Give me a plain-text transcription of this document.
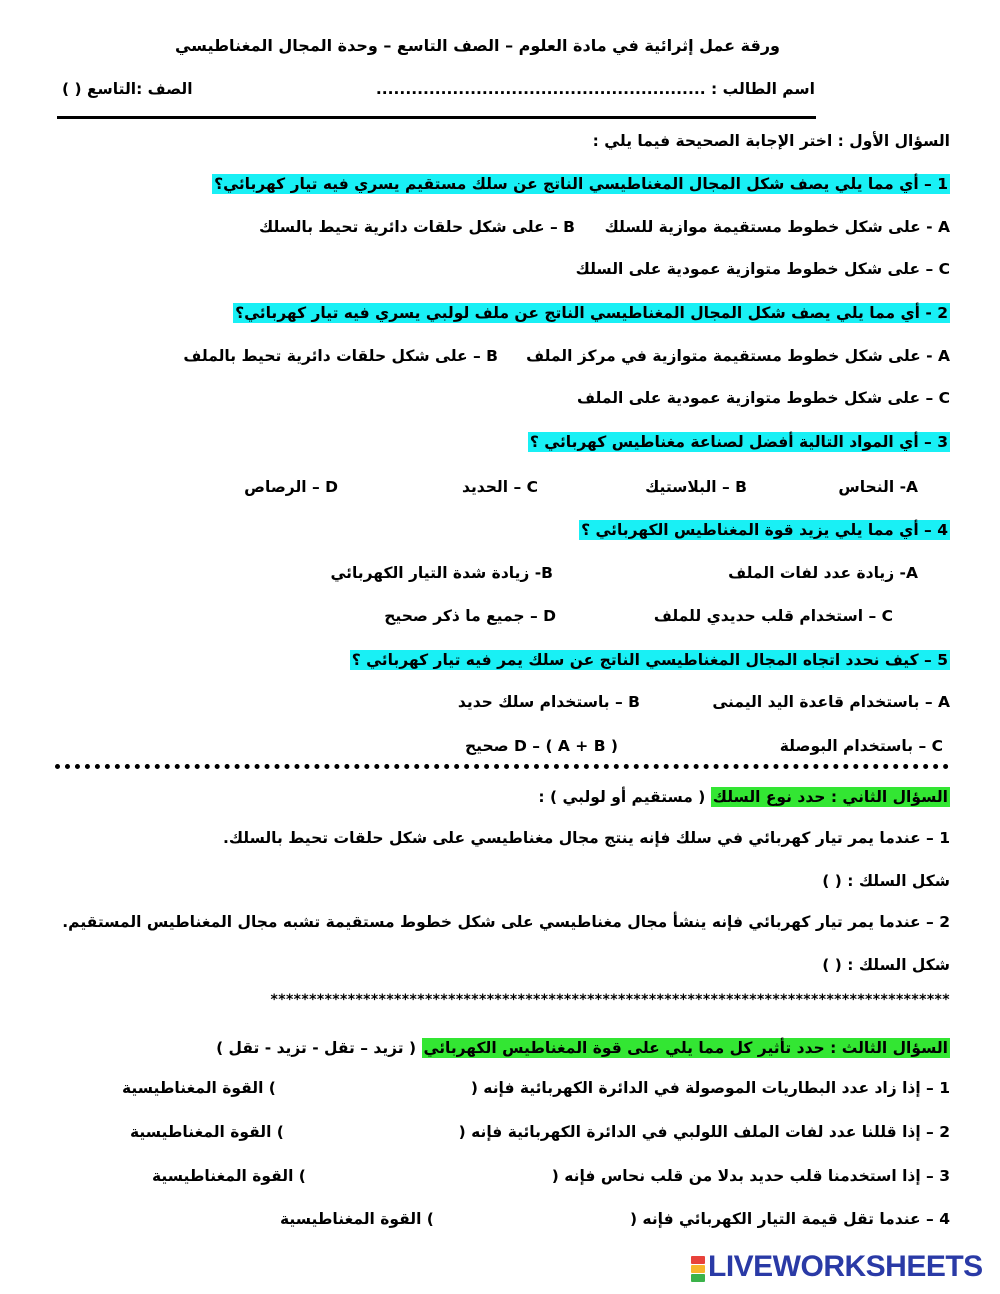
ورقة عمل إثرائية في مادة العلوم – الصف التاسع – وحدة المجال المغناطيسي
اسم الطالب : ........................................................
الصف :التاسع ( )
السؤال الأول : اختر الإجابة الصحيحة فيما يلي :
1 – أي مما يلي يصف شكل المجال المغناطيسي الناتج عن سلك مستقيم يسري فيه تيار كهربائي؟
A - على شكل خطوط مستقيمة موازية للسلك
B – على شكل حلقات دائرية تحيط بالسلك
C – على شكل خطوط متوازية عمودية على السلك
2 - أي مما يلي يصف شكل المجال المغناطيسي الناتج عن ملف لولبي يسري فيه تيار كهربائي؟
A - على شكل خطوط مستقيمة متوازية في مركز الملف
B – على شكل حلقات دائرية تحيط بالملف
C – على شكل خطوط متوازية عمودية على الملف
3 – أي المواد التالية أفضل لصناعة مغناطيس كهربائي ؟
A- النحاس
B – البلاستيك
C – الحديد
D – الرصاص
4 – أي مما يلي يزيد قوة المغناطيس الكهربائي ؟
A- زيادة عدد لفات الملف
B- زيادة شدة التيار الكهربائي
C – استخدام قلب حديدي للملف
D – جميع ما ذكر صحيح
5 – كيف نحدد اتجاه المجال المغناطيسي الناتج عن سلك يمر فيه تيار كهربائي ؟
A – باستخدام قاعدة اليد اليمنى
B – باستخدام سلك حديد
C – باستخدام البوصلة
D – ( A + B ) صحيح
السؤال الثاني : حدد نوع السلك ( مستقيم أو لولبي ) :
1 – عندما يمر تيار كهربائي في سلك فإنه ينتج مجال مغناطيسي على شكل حلقات تحيط بالسلك.
شكل السلك : ( )
2 – عندما يمر تيار كهربائي فإنه ينشأ مجال مغناطيسي على شكل خطوط مستقيمة تشبه مجال المغناطيس المستقيم.
شكل السلك : ( )
****************************************************************************************
السؤال الثالث : حدد تأثير كل مما يلي على قوة المغناطيس الكهربائي ( تزيد – تقل - تزيد - تقل )
1 – إذا زاد عدد البطاريات الموصولة في الدائرة الكهربائية فإنه (
) القوة المغناطيسية
2 – إذا قللنا عدد لفات الملف اللولبي في الدائرة الكهربائية فإنه (
) القوة المغناطيسية
3 – إذا استخدمنا قلب حديد بدلا من قلب نحاس فإنه (
) القوة المغناطيسية
4 – عندما تقل قيمة التيار الكهربائي فإنه (
) القوة المغناطيسية
LIVEWORKSHEETS
